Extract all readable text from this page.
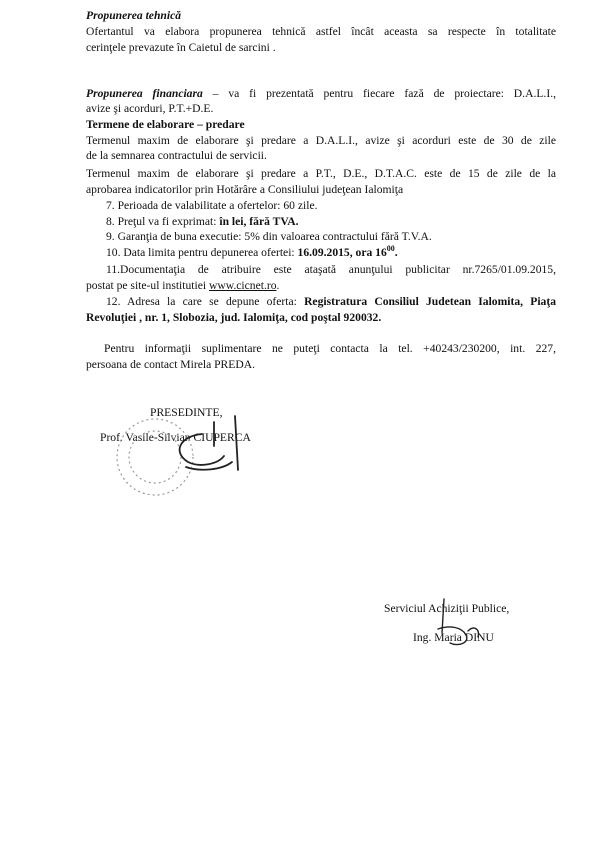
Propunerea tehnică
Ofertantul va elabora propunerea tehnică astfel încât aceasta sa respecte în totalitate
cerinţele prevazute în Caietul de sarcini .
Propunerea financiara – va fi prezentată pentru fiecare fază de proiectare: D.A.L.I.,
avize şi acorduri, P.T.+D.E.
Termene de elaborare – predare
Termenul maxim de elaborare şi predare a D.A.L.I., avize şi acorduri este de 30 de zile
de la semnarea contractului de servicii.
Termenul maxim de elaborare şi predare a P.T., D.E., D.T.A.C. este de 15 de zile de la
aprobarea indicatorilor prin Hotărâre a Consiliului judeţean Ialomiţa
7. Perioada de valabilitate a ofertelor: 60 zile.
8. Preţul va fi exprimat: în lei, fără TVA.
9. Garanţia de buna executie: 5% din valoarea contractului fără T.V.A.
10. Data limita pentru depunerea ofertei: 16.09.2015, ora $16^{00}$.
11.Documentaţia de atribuire este ataşată anunţului publicitar nr.7265/01.09.2015,
postat pe site-ul institutiei www.cicnet.ro.
12. Adresa la care se depune oferta: Registratura Consiliul Judetean Ialomita, Piaţa
Revoluţiei , nr. 1, Slobozia, jud. Ialomiţa, cod poştal 920032.
Pentru informaţii suplimentare ne puteţi contacta la tel. +40243/230200, int. 227,
persoana de contact Mirela PREDA.
PRESEDINTE,
Prof. Vasile-Silvian CIUPERCA
Serviciul Achiziţii Publice,
Ing. Maria DINU
